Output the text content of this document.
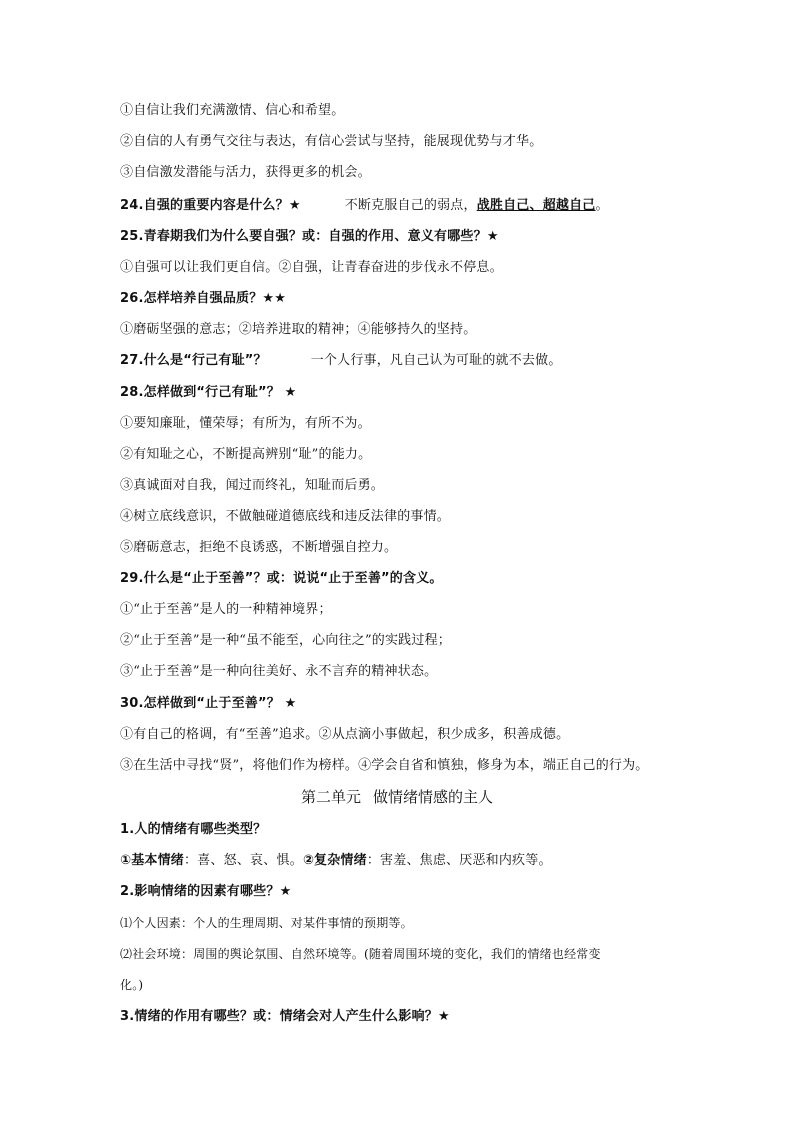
①自信让我们充满激情、信心和希望。
②自信的人有勇气交往与表达，有信心尝试与坚持，能展现优势与才华。
③自信激发潜能与活力，获得更多的机会。
24.自强的重要内容是什么？★	不断克服自己的弱点，战胜自己、超越自己。
25.青春期我们为什么要自强？或：自强的作用、意义有哪些？★
①自强可以让我们更自信。②自强，让青春奋进的步伐永不停息。
26.怎样培养自强品质？★★
①磨砺坚强的意志；②培养进取的精神；④能够持久的坚持。
27.什么是“行己有耻”？	一个人行事，凡自己认为可耻的就不去做。
28.怎样做到“行己有耻”？ ★
①要知廉耻，懂荣辱；有所为，有所不为。
②有知耻之心，不断提高辨别“耻”的能力。
③真诚面对自我，闻过而终礼，知耻而后勇。
④树立底线意识，不做触碰道德底线和违反法律的事情。
⑤磨砺意志，拒绝不良诱惑，不断增强自控力。
29.什么是“止于至善”？或：说说“止于至善”的含义。
①“止于至善”是人的一种精神境界；
②“止于至善”是一种“虽不能至，心向往之”的实践过程；
③“止于至善”是一种向往美好、永不言弃的精神状态。
30.怎样做到“止于至善”？ ★
①有自己的格调，有“至善”追求。②从点滴小事做起，积少成多，积善成德。
③在生活中寻找“贤”，将他们作为榜样。④学会自省和慎独，修身为本，端正自己的行为。
第二单元 做情绪情感的主人
1.人的情绪有哪些类型？
①基本情绪：喜、怒、哀、惧。②复杂情绪：害羞、焦虑、厌恶和内疚等。
2.影响情绪的因素有哪些？★
⑴个人因素：个人的生理周期、对某件事情的预期等。
⑵社会环境：周围的舆论氛围、自然环境等。(随着周围环境的变化，我们的情绪也经常变
化。)
3.情绪的作用有哪些？或：情绪会对人产生什么影响？★
